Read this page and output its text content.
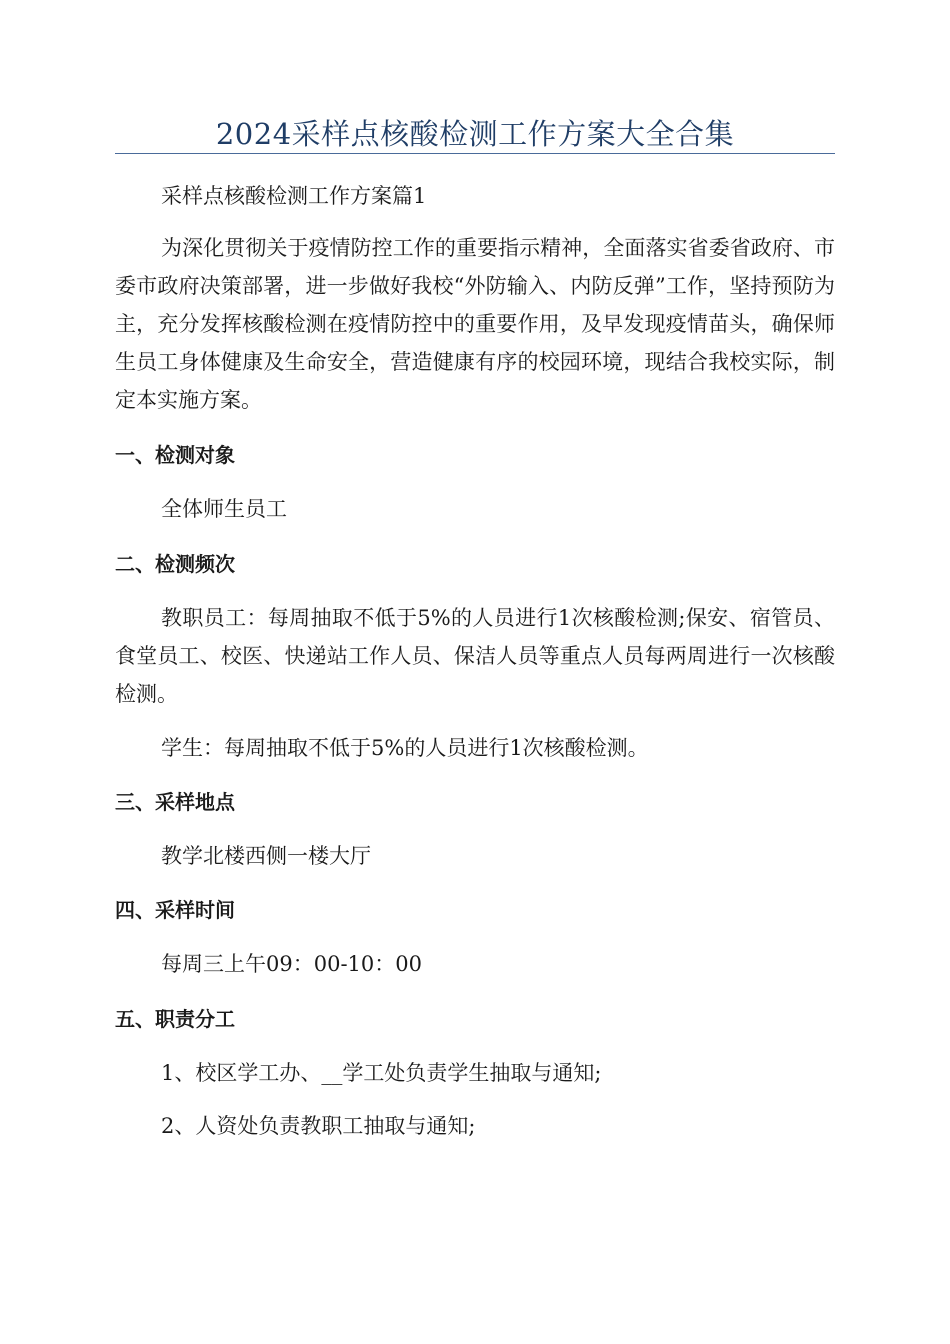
2024采样点核酸检测工作方案大全合集

采样点核酸检测工作方案篇1

为深化贯彻关于疫情防控工作的重要指示精神，全面落实省委省政府、市委市政府决策部署，进一步做好我校“外防输入、内防反弹”工作，坚持预防为主，充分发挥核酸检测在疫情防控中的重要作用，及早发现疫情苗头，确保师生员工身体健康及生命安全，营造健康有序的校园环境，现结合我校实际，制定本实施方案。

一、检测对象

全体师生员工

二、检测频次

教职员工：每周抽取不低于5%的人员进行1次核酸检测;保安、宿管员、食堂员工、校医、快递站工作人员、保洁人员等重点人员每两周进行一次核酸检测。

学生：每周抽取不低于5%的人员进行1次核酸检测。

三、采样地点

教学北楼西侧一楼大厅

四、采样时间

每周三上午09：00-10：00

五、职责分工

1、校区学工办、__学工处负责学生抽取与通知;

2、人资处负责教职工抽取与通知;
